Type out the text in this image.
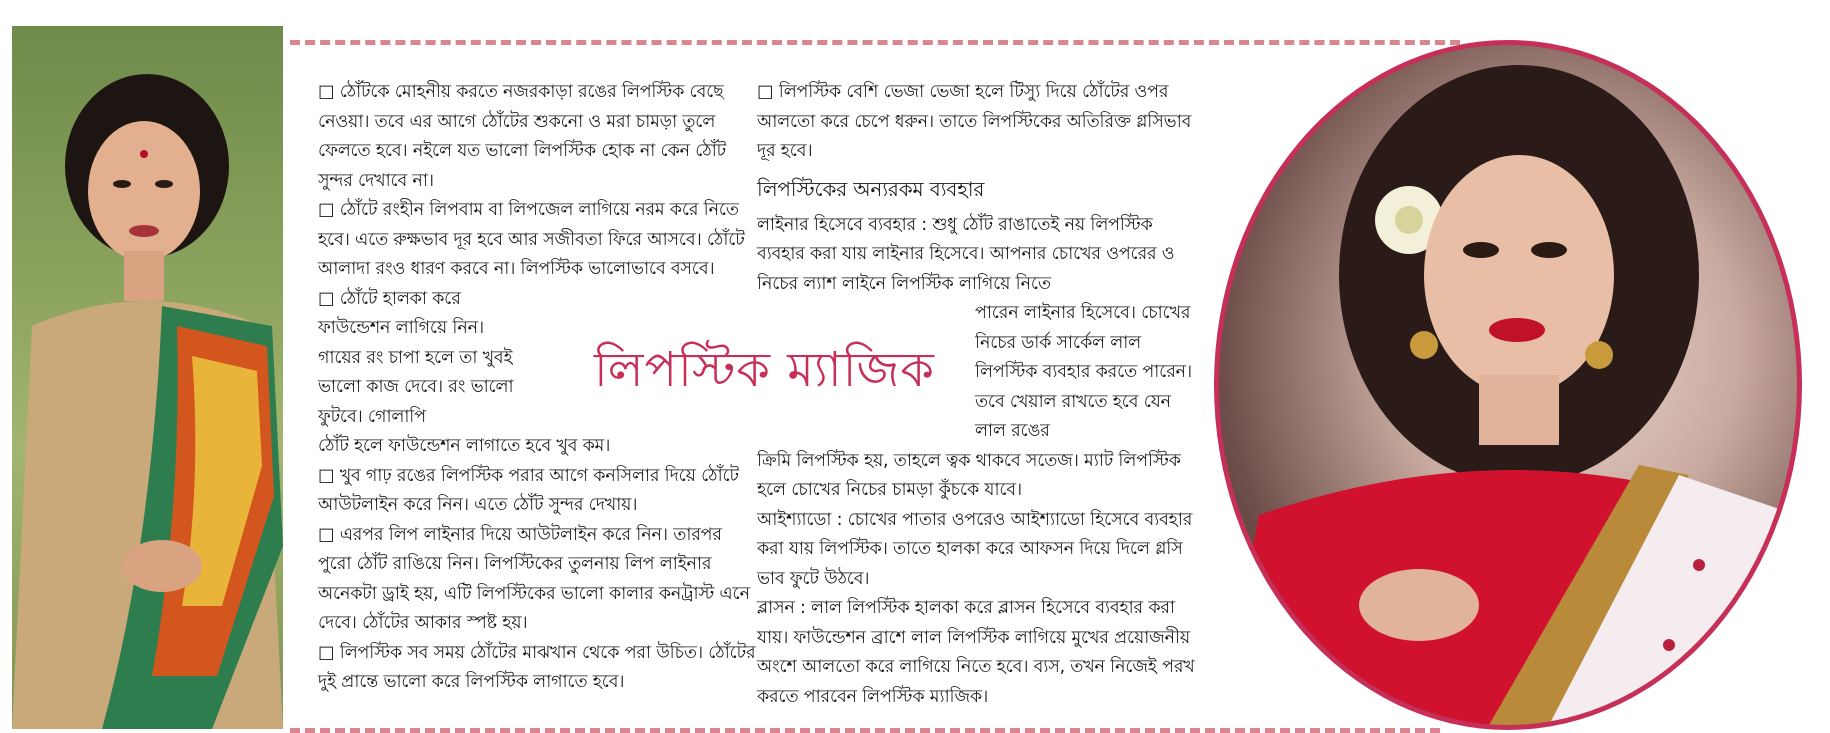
লিপস্টিক ম্যাজিক

□ ঠোঁটকে মোহনীয় করতে নজরকাড়া রঙের লিপস্টিক বেছে নেওয়া। তবে এর আগে ঠোঁটের শুকনো ও মরা চামড়া তুলে ফেলতে হবে। নইলে যত ভালো লিপস্টিক হোক না কেন ঠোঁট সুন্দর দেখাবে না।

□ ঠোঁটে রংহীন লিপবাম বা লিপজেল লাগিয়ে নরম করে নিতে হবে। এতে রুক্ষভাব দূর হবে আর সজীবতা ফিরে আসবে। ঠোঁটে আলাদা রংও ধারণ করবে না। লিপস্টিক ভালোভাবে বসবে।

□ ঠোঁটে হালকা করে ফাউন্ডেশন লাগিয়ে নিন। গায়ের রং চাপা হলে তা খুবই ভালো কাজ দেবে। রং ভালো ফুটবে। গোলাপি

ঠোঁট হলে ফাউন্ডেশন লাগাতে হবে খুব কম।

□ খুব গাঢ় রঙের লিপস্টিক পরার আগে কনসিলার দিয়ে ঠোঁটে আউটলাইন করে নিন। এতে ঠোঁট সুন্দর দেখায়।

□ এরপর লিপ লাইনার দিয়ে আউটলাইন করে নিন। তারপর পুরো ঠোঁট রাঙিয়ে নিন। লিপস্টিকের তুলনায় লিপ লাইনার অনেকটা ড্রাই হয়, এটি লিপস্টিকের ভালো কালার কনট্রাস্ট এনে দেবে। ঠোঁটের আকার স্পষ্ট হয়।

□ লিপস্টিক সব সময় ঠোঁটের মাঝখান থেকে পরা উচিত। ঠোঁটের দুই প্রান্তে ভালো করে লিপস্টিক লাগাতে হবে।

□ লিপস্টিক বেশি ভেজা ভেজা হলে টিস্যু দিয়ে ঠোঁটের ওপর আলতো করে চেপে ধরুন। তাতে লিপস্টিকের অতিরিক্ত গ্লসিভাব দূর হবে।

লিপস্টিকের অন্যরকম ব্যবহার

লাইনার হিসেবে ব্যবহার : শুধু ঠোঁট রাঙাতেই নয় লিপস্টিক ব্যবহার করা যায় লাইনার হিসেবে। আপনার চোখের ওপরের ও নিচের ল্যাশ লাইনে লিপস্টিক লাগিয়ে নিতে

পারেন লাইনার হিসেবে। চোখের নিচের ডার্ক সার্কেল লাল লিপস্টিক ব্যবহার করতে পারেন। তবে খেয়াল রাখতে হবে যেন লাল রঙের

ক্রিমি লিপস্টিক হয়, তাহলে ত্বক থাকবে সতেজ। ম্যাট লিপস্টিক হলে চোখের নিচের চামড়া কুঁচকে যাবে।

আইশ্যাডো : চোখের পাতার ওপরেও আইশ্যাডো হিসেবে ব্যবহার করা যায় লিপস্টিক। তাতে হালকা করে আফসন দিয়ে দিলে গ্লসি ভাব ফুটে উঠবে।

ব্লাসন : লাল লিপস্টিক হালকা করে ব্লাসন হিসেবে ব্যবহার করা যায়। ফাউন্ডেশন ব্রাশে লাল লিপস্টিক লাগিয়ে মুখের প্রয়োজনীয় অংশে আলতো করে লাগিয়ে নিতে হবে। ব্যস, তখন নিজেই পরখ করতে পারবেন লিপস্টিক ম্যাজিক।
